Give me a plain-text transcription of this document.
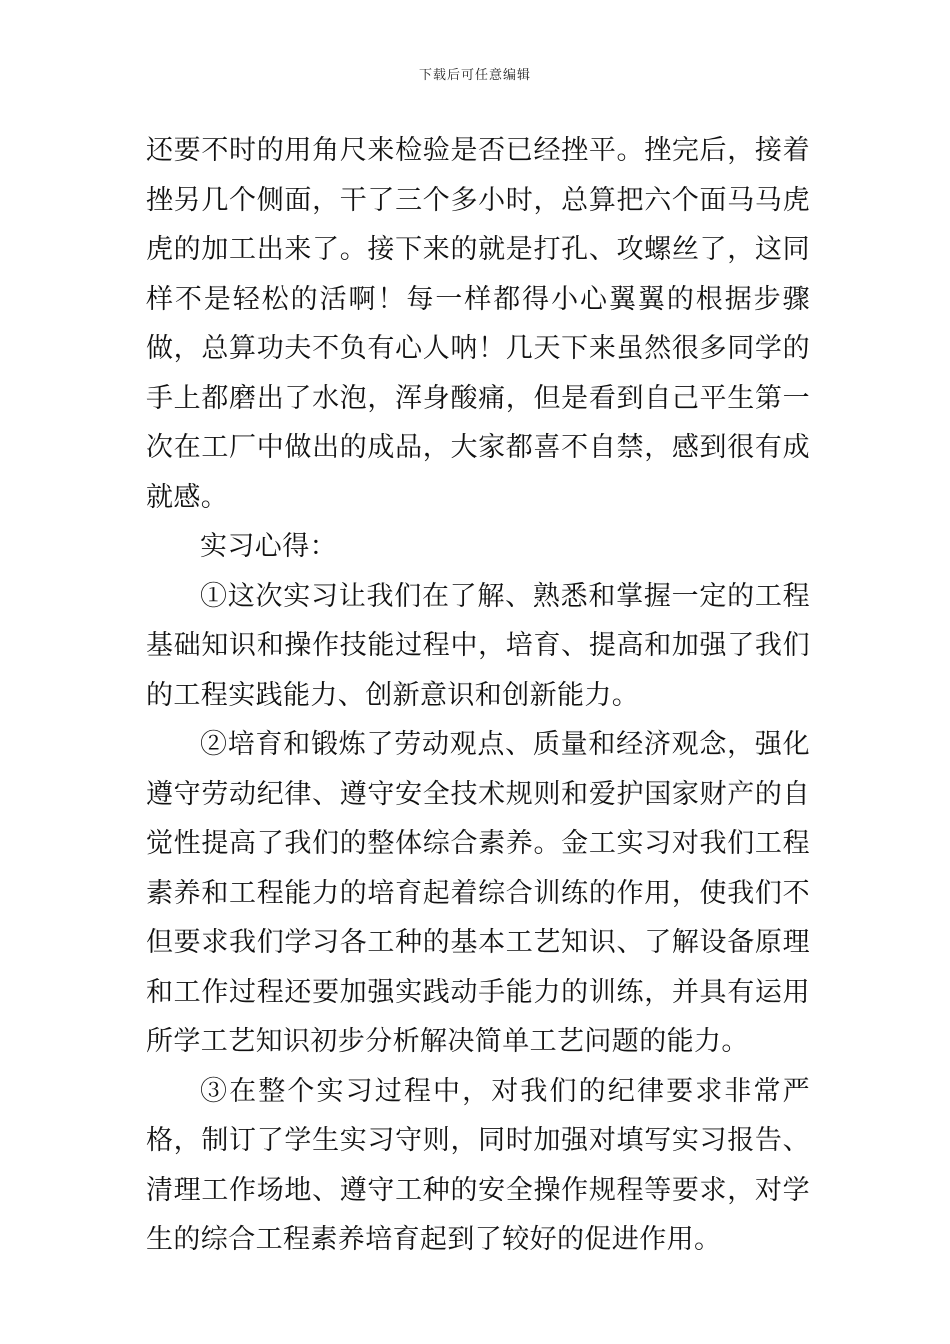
下载后可任意编辑

还要不时的用角尺来检验是否已经挫平。挫完后，接着挫另几个侧面，干了三个多小时，总算把六个面马马虎虎的加工出来了。接下来的就是打孔、攻螺丝了，这同样不是轻松的活啊！每一样都得小心翼翼的根据步骤做，总算功夫不负有心人呐！几天下来虽然很多同学的手上都磨出了水泡，浑身酸痛，但是看到自己平生第一次在工厂中做出的成品，大家都喜不自禁，感到很有成就感。

实习心得：

①这次实习让我们在了解、熟悉和掌握一定的工程基础知识和操作技能过程中，培育、提高和加强了我们的工程实践能力、创新意识和创新能力。

②培育和锻炼了劳动观点、质量和经济观念，强化遵守劳动纪律、遵守安全技术规则和爱护国家财产的自觉性提高了我们的整体综合素养。金工实习对我们工程素养和工程能力的培育起着综合训练的作用，使我们不但要求我们学习各工种的基本工艺知识、了解设备原理和工作过程还要加强实践动手能力的训练，并具有运用所学工艺知识初步分析解决简单工艺问题的能力。

③在整个实习过程中，对我们的纪律要求非常严格，制订了学生实习守则，同时加强对填写实习报告、清理工作场地、遵守工种的安全操作规程等要求，对学生的综合工程素养培育起到了较好的促进作用。
